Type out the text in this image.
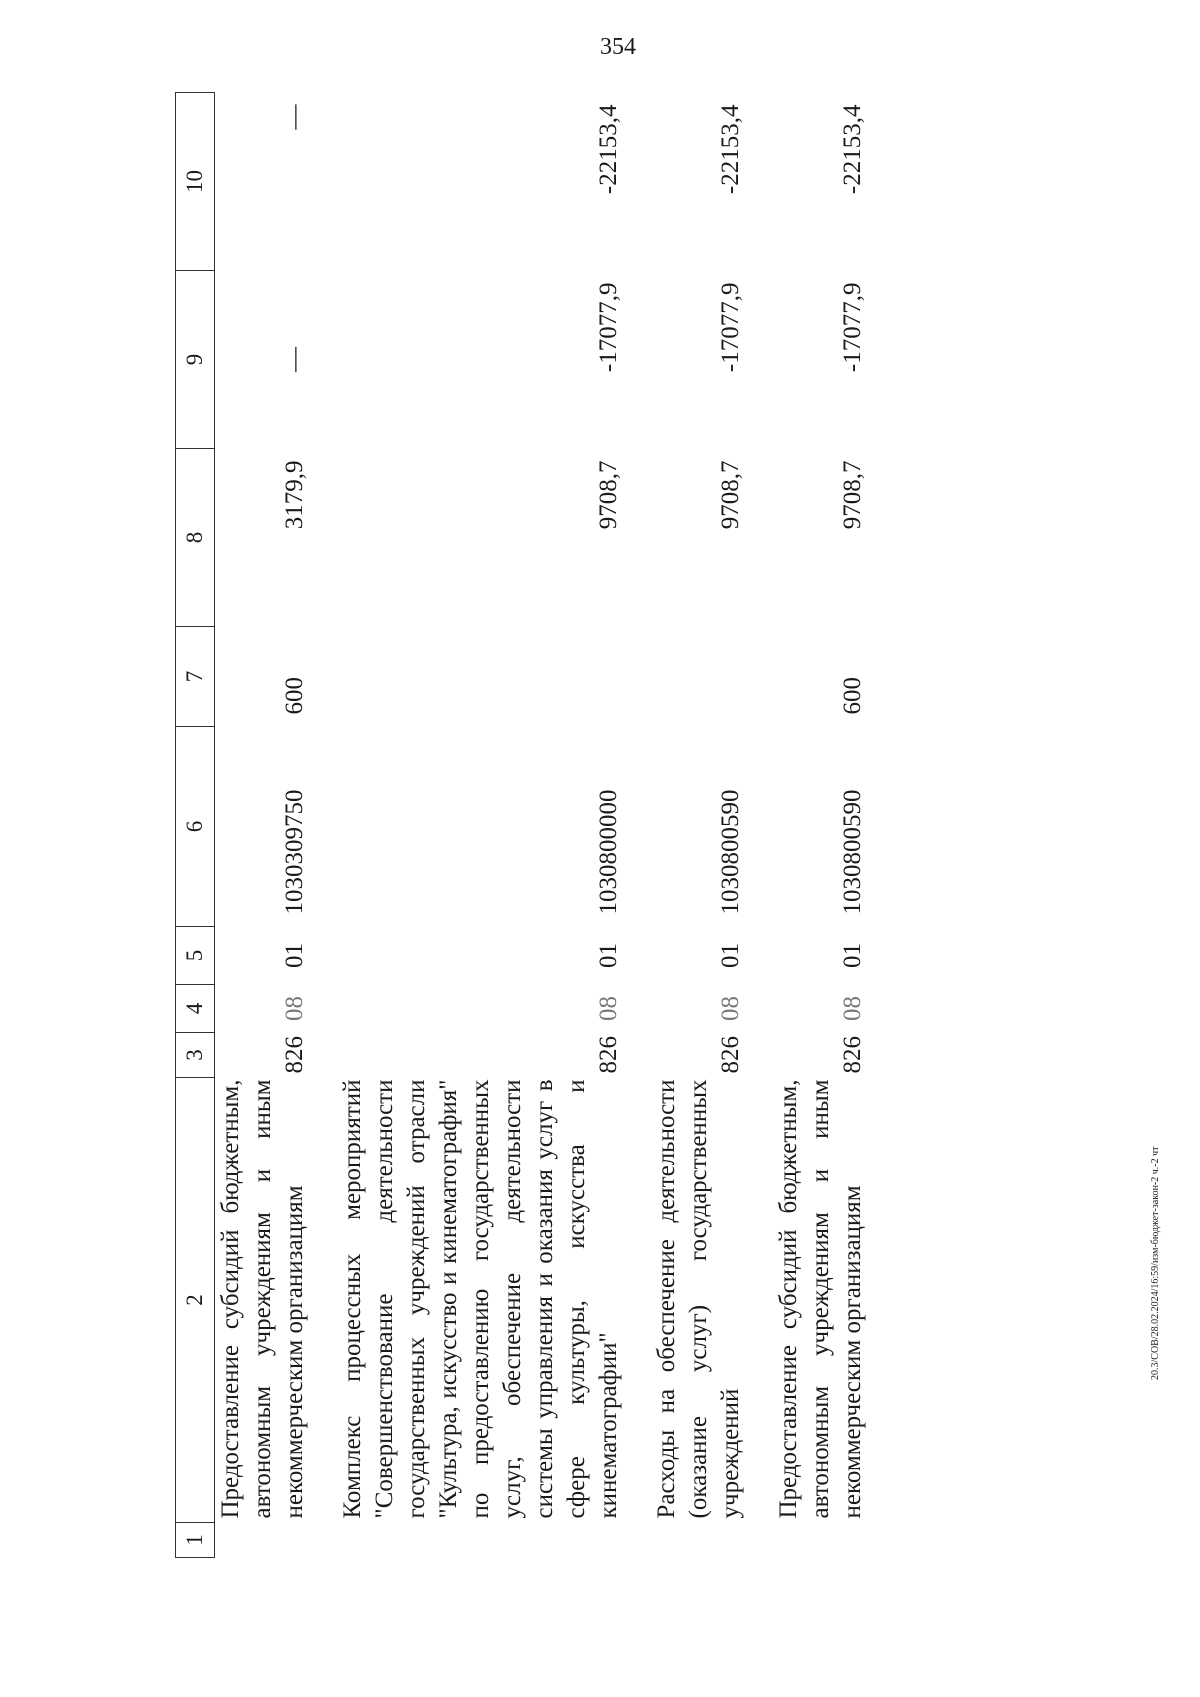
354
1	2	3	4	5	6	7	8	9	10
	Предоставление субсидий бюджетным, автономным учреждениям и иным некоммерческим организациям	826	08	01	1030309750	600	3179,9	—	—

	Комплекс процессных мероприятий "Совершенствование деятельности государственных учреждений отрасли "Культура, искусство и кинематография" по предоставлению государственных услуг, обеспечение деятельности системы управления и оказания услуг в сфере культуры, искусства и кинематографии"	826	08	01	1030800000		9708,7	-17077,9	-22153,4

	Расходы на обеспечение деятельности (оказание услуг) государственных учреждений	826	08	01	1030800590		9708,7	-17077,9	-22153,4

	Предоставление субсидий бюджетным, автономным учреждениям и иным некоммерческим организациям	826	08	01	1030800590	600	9708,7	-17077,9	-22153,4
20.3/СОВ/28.02.2024/16:59/изм-бюджет-закон-2 ч.-2 чт
